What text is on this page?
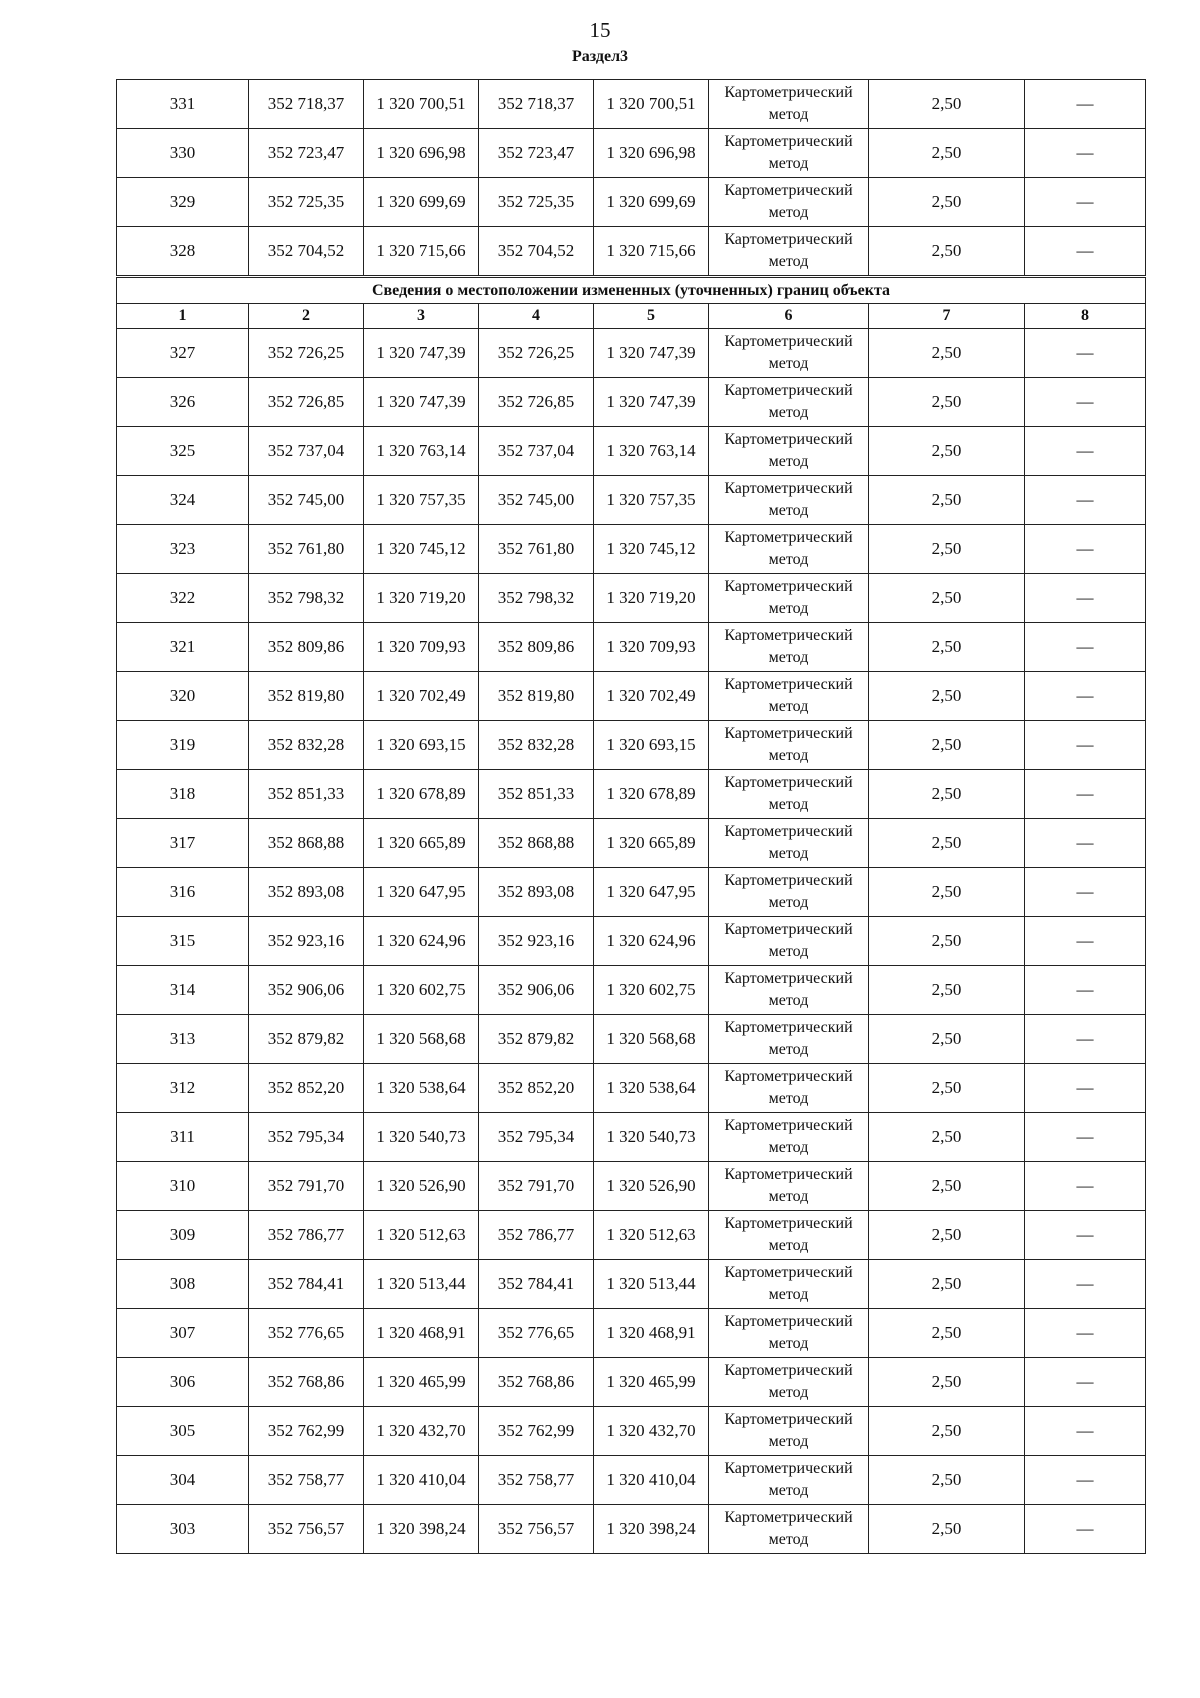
15
Раздел3
331	352 718,37	1 320 700,51	352 718,37	1 320 700,51	Картометрический метод	2,50	—
330	352 723,47	1 320 696,98	352 723,47	1 320 696,98	Картометрический метод	2,50	—
329	352 725,35	1 320 699,69	352 725,35	1 320 699,69	Картометрический метод	2,50	—
328	352 704,52	1 320 715,66	352 704,52	1 320 715,66	Картометрический метод	2,50	—
Сведения о местоположении измененных (уточненных) границ объекта							
1	2	3	4	5	6	7	8
327	352 726,25	1 320 747,39	352 726,25	1 320 747,39	Картометрический метод	2,50	—
326	352 726,85	1 320 747,39	352 726,85	1 320 747,39	Картометрический метод	2,50	—
325	352 737,04	1 320 763,14	352 737,04	1 320 763,14	Картометрический метод	2,50	—
324	352 745,00	1 320 757,35	352 745,00	1 320 757,35	Картометрический метод	2,50	—
323	352 761,80	1 320 745,12	352 761,80	1 320 745,12	Картометрический метод	2,50	—
322	352 798,32	1 320 719,20	352 798,32	1 320 719,20	Картометрический метод	2,50	—
321	352 809,86	1 320 709,93	352 809,86	1 320 709,93	Картометрический метод	2,50	—
320	352 819,80	1 320 702,49	352 819,80	1 320 702,49	Картометрический метод	2,50	—
319	352 832,28	1 320 693,15	352 832,28	1 320 693,15	Картометрический метод	2,50	—
318	352 851,33	1 320 678,89	352 851,33	1 320 678,89	Картометрический метод	2,50	—
317	352 868,88	1 320 665,89	352 868,88	1 320 665,89	Картометрический метод	2,50	—
316	352 893,08	1 320 647,95	352 893,08	1 320 647,95	Картометрический метод	2,50	—
315	352 923,16	1 320 624,96	352 923,16	1 320 624,96	Картометрический метод	2,50	—
314	352 906,06	1 320 602,75	352 906,06	1 320 602,75	Картометрический метод	2,50	—
313	352 879,82	1 320 568,68	352 879,82	1 320 568,68	Картометрический метод	2,50	—
312	352 852,20	1 320 538,64	352 852,20	1 320 538,64	Картометрический метод	2,50	—
311	352 795,34	1 320 540,73	352 795,34	1 320 540,73	Картометрический метод	2,50	—
310	352 791,70	1 320 526,90	352 791,70	1 320 526,90	Картометрический метод	2,50	—
309	352 786,77	1 320 512,63	352 786,77	1 320 512,63	Картометрический метод	2,50	—
308	352 784,41	1 320 513,44	352 784,41	1 320 513,44	Картометрический метод	2,50	—
307	352 776,65	1 320 468,91	352 776,65	1 320 468,91	Картометрический метод	2,50	—
306	352 768,86	1 320 465,99	352 768,86	1 320 465,99	Картометрический метод	2,50	—
305	352 762,99	1 320 432,70	352 762,99	1 320 432,70	Картометрический метод	2,50	—
304	352 758,77	1 320 410,04	352 758,77	1 320 410,04	Картометрический метод	2,50	—
303	352 756,57	1 320 398,24	352 756,57	1 320 398,24	Картометрический метод	2,50	—
